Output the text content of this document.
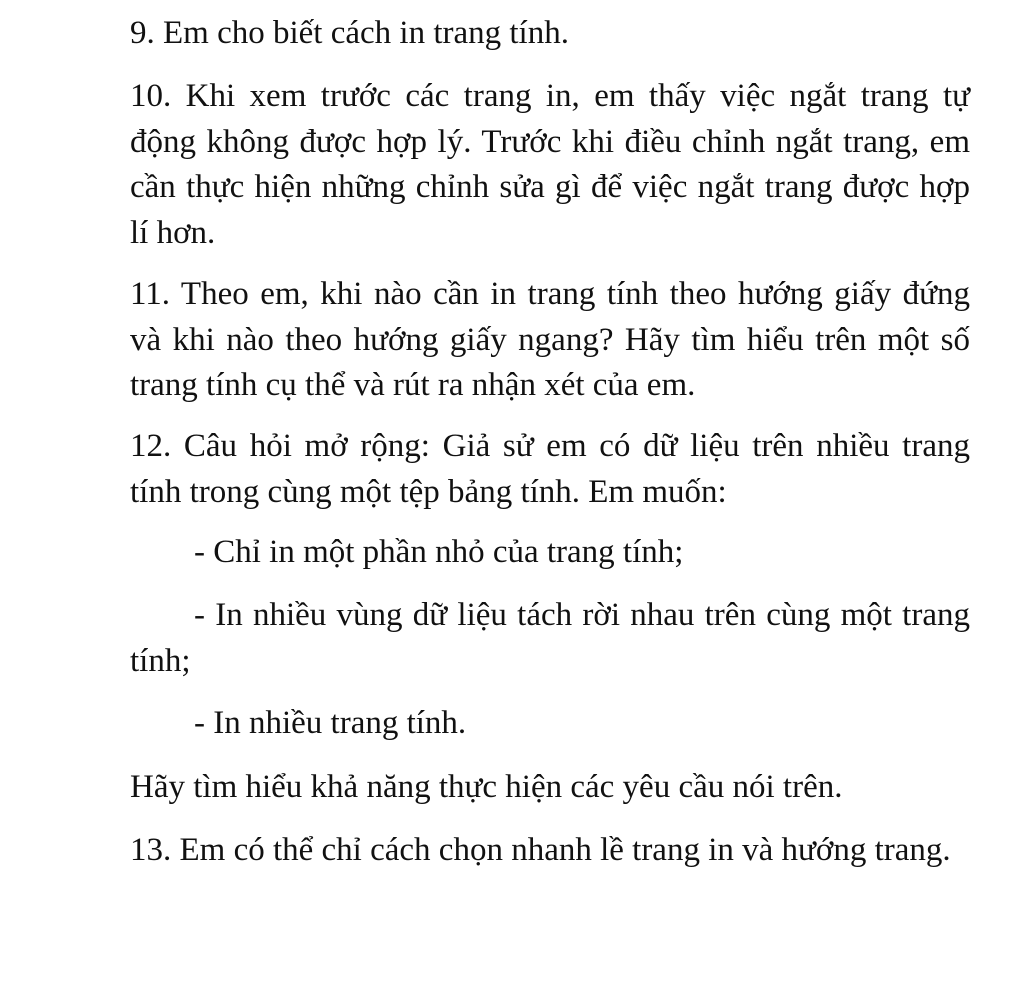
9. Em cho biết cách in trang tính.

10. Khi xem trước các trang in, em thấy việc ngắt trang tự động không được hợp lý. Trước khi điều chỉnh ngắt trang, em cần thực hiện những chỉnh sửa gì để việc ngắt trang được hợp lí hơn.

11. Theo em, khi nào cần in trang tính theo hướng giấy đứng và khi nào theo hướng giấy ngang? Hãy tìm hiểu trên một số trang tính cụ thể và rút ra nhận xét của em.

12. Câu hỏi mở rộng: Giả sử em có dữ liệu trên nhiều trang tính trong cùng một tệp bảng tính. Em muốn:

- Chỉ in một phần nhỏ của trang tính;

- In nhiều vùng dữ liệu tách rời nhau trên cùng một trang tính;

- In nhiều trang tính.

Hãy tìm hiểu khả năng thực hiện các yêu cầu nói trên.

13. Em có thể chỉ cách chọn nhanh lề trang in và hướng trang.
